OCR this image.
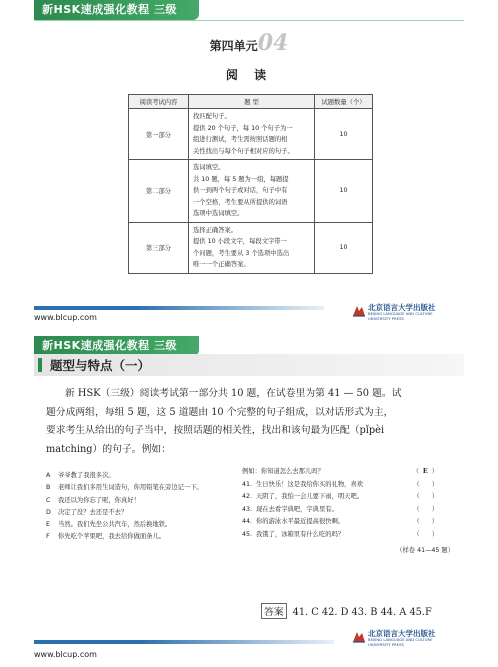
新HSK速成强化教程 三级
第四单元04
阅 读
阅读考试内容	题 型	试题数量（个）
第一部分	找匹配句子。
提供 20 个句子，每 10 个句子为一
组进行测试，考生需按照话题的相
关性找出与每个句子相对应的句子。	10
第二部分	选词填空。
共 10 题，每 5 题为一组，每题提
供一到两个句子或对话，句子中有
一个空格，考生要从所提供的词语
选项中选词填空。	10
第三部分	选择正确答案。
提供 10 小段文字，每段文字带一
个问题，考生要从 3 个选项中选出
唯一一个正确答案。	10
www.blcup.com
北京语言大学出版社
BEIJING LANGUAGE AND CULTURE
UNIVERSITY PRESS
新HSK速成强化教程 三级
题型与特点（一）
新 HSK（三级）阅读考试第一部分共 10 题，在试卷里为第 41 — 50 题。试
题分成两组，每组 5 题，这 5 道题由 10 个完整的句子组成，以对话形式为主，
要求考生从给出的句子当中，按照话题的相关性，找出和该句最为匹配（pǐpèi
matching）的句子。例如：
A 爷爷教了我很多次。
B 老师让我们多用生词造句，你用铅笔在旁边记一下。
C 我还以为你忘了呢，你真好！
D 决定了没？去还是不去？
E 当然。我们先坐公共汽车，然后换地铁。
F 你先吃个苹果吧，我去给你做面条儿。
例如：你知道怎么去那儿吗？	（  E  ）
41. 生日快乐！这是我给你买的礼物，喜欢	（      ）
42. 天阴了，我怕一会儿要下雨，明天吧。	（      ）
43. 现在去看字典吧，字典里有。	（      ）
44. 你的游泳水平最近提高很快啊。	（      ）
45. 我饿了，冰箱里有什么吃的吗？	（      ）
（样卷 41—45 题）
答案 41. C 42. D 43. B 44. A 45.F
北京语言大学出版社
BEIJING LANGUAGE AND CULTURE
UNIVERSITY PRESS
www.blcup.com
